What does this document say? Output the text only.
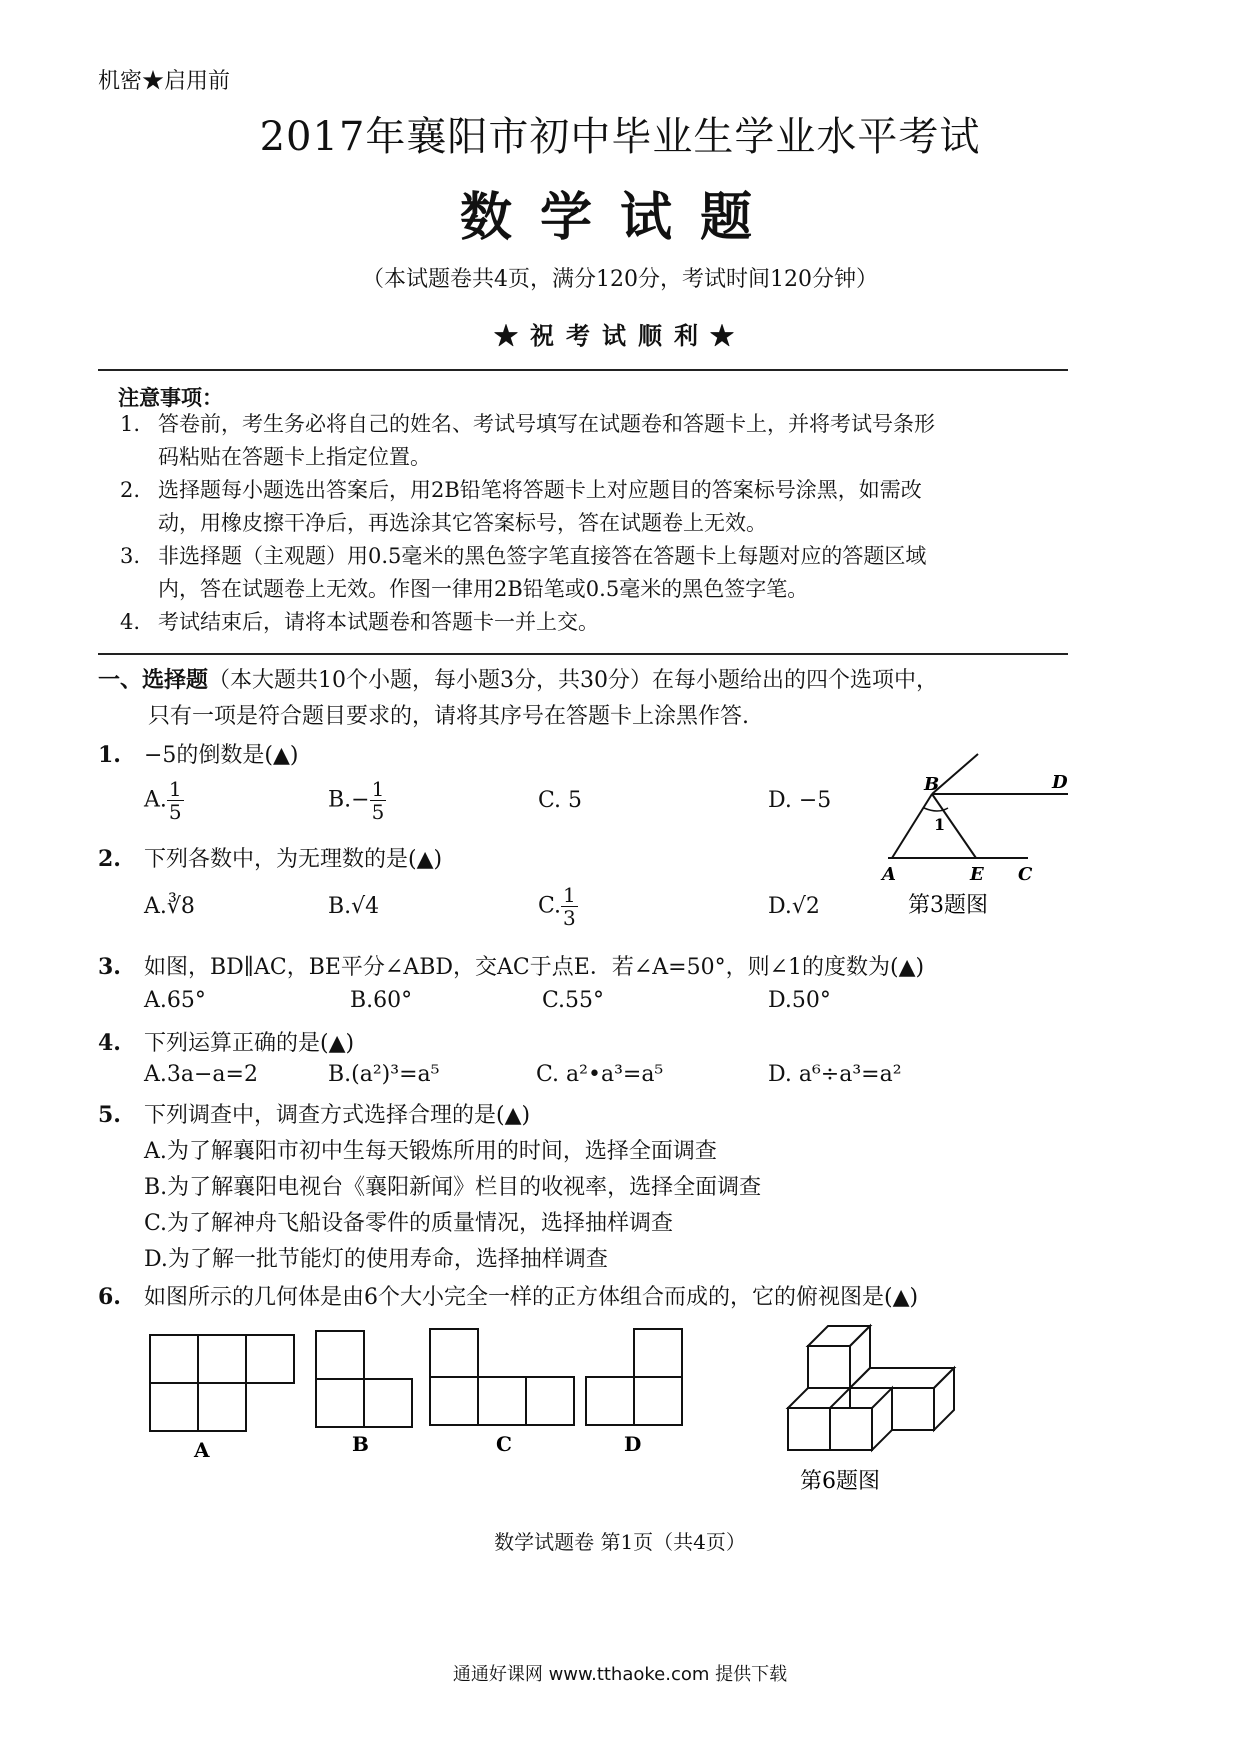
机密★启用前
2017年襄阳市初中毕业生学业水平考试
数学试题
（本试题卷共4页，满分120分，考试时间120分钟）
★祝考试顺利★
注意事项：
1. 答卷前，考生务必将自己的姓名、考试号填写在试题卷和答题卡上，并将考试号条形
码粘贴在答题卡上指定位置。
2. 选择题每小题选出答案后，用2B铅笔将答题卡上对应题目的答案标号涂黑，如需改
动，用橡皮擦干净后，再选涂其它答案标号，答在试题卷上无效。
3. 非选择题（主观题）用0.5毫米的黑色签字笔直接答在答题卡上每题对应的答题区域
内，答在试题卷上无效。作图一律用2B铅笔或0.5毫米的黑色签字笔。
4. 考试结束后，请将本试题卷和答题卡一并上交。
一、选择题（本大题共10个小题，每小题3分，共30分）在每小题给出的四个选项中，
只有一项是符合题目要求的，请将其序号在答题卡上涂黑作答.
1. −5的倒数是(▲)
A. $\frac{1}{5}$	$B.- \frac{1}{5}$	C. 5	D. −5
2. 下列各数中，为无理数的是(▲)
A.∛8	B.√4	C. $\frac{1}{3}$	D.√2
B	D
A	E C
1
第3题图
3. 如图，BD∥AC，BE平分∠ABD，交AC于点E．若∠A=50°，则∠1的度数为(▲)
A.65°	B.60°	C.55°	D.50°
4. 下列运算正确的是(▲)
A.3a−a=2	B.(a²)³=a⁵	C. a²•a³=a⁵	D. a⁶÷a³=a²
5. 下列调查中，调查方式选择合理的是(▲)
A.为了解襄阳市初中生每天锻炼所用的时间，选择全面调查
B.为了解襄阳电视台《襄阳新闻》栏目的收视率，选择全面调查
C.为了解神舟飞船设备零件的质量情况，选择抽样调查
D.为了解一批节能灯的使用寿命，选择抽样调查
6. 如图所示的几何体是由6个大小完全一样的正方体组合而成的，它的俯视图是(▲)
A	B	C	D
第6题图
数学试题卷 第1页（共4页）
通通好课网 www.tthaoke.com 提供下载
